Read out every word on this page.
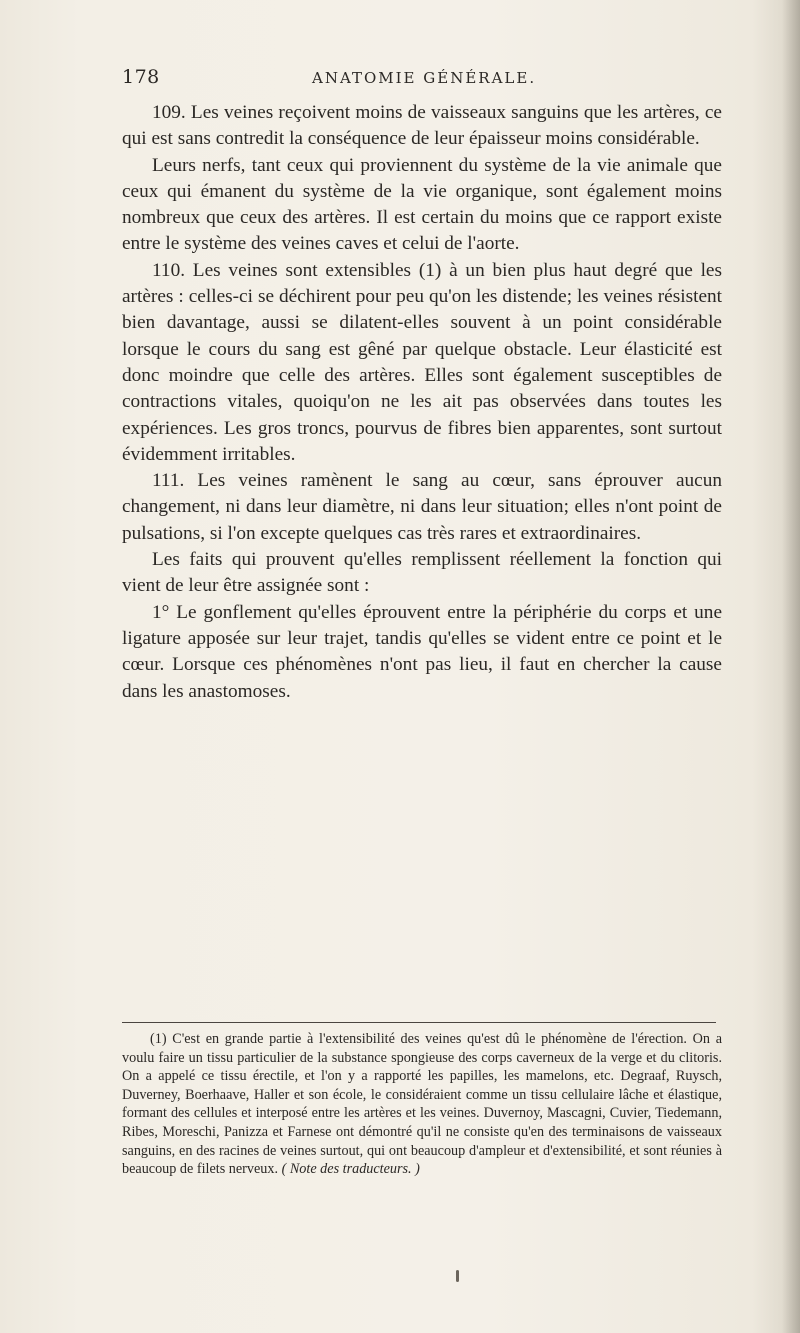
178	ANATOMIE GÉNÉRALE.

109. Les veines reçoivent moins de vaisseaux sanguins que les artères, ce qui est sans contredit la conséquence de leur épaisseur moins considérable.

Leurs nerfs, tant ceux qui proviennent du système de la vie animale que ceux qui émanent du système de la vie organique, sont également moins nombreux que ceux des artères. Il est certain du moins que ce rapport existe entre le système des veines caves et celui de l'aorte.

110. Les veines sont extensibles (1) à un bien plus haut degré que les artères : celles-ci se déchirent pour peu qu'on les distende; les veines résistent bien davantage, aussi se dilatent-elles souvent à un point considérable lorsque le cours du sang est gêné par quelque obstacle. Leur élasticité est donc moindre que celle des artères. Elles sont également susceptibles de contractions vitales, quoiqu'on ne les ait pas observées dans toutes les expériences. Les gros troncs, pourvus de fibres bien apparentes, sont surtout évidemment irritables.

111. Les veines ramènent le sang au cœur, sans éprouver aucun changement, ni dans leur diamètre, ni dans leur situation; elles n'ont point de pulsations, si l'on excepte quelques cas très rares et extraordinaires.

Les faits qui prouvent qu'elles remplissent réellement la fonction qui vient de leur être assignée sont :

1° Le gonflement qu'elles éprouvent entre la périphérie du corps et une ligature apposée sur leur trajet, tandis qu'elles se vident entre ce point et le cœur. Lorsque ces phénomènes n'ont pas lieu, il faut en chercher la cause dans les anastomoses.

(1) C'est en grande partie à l'extensibilité des veines qu'est dû le phénomène de l'érection. On a voulu faire un tissu particulier de la substance spongieuse des corps caverneux de la verge et du clitoris. On a appelé ce tissu érectile, et l'on y a rapporté les papilles, les mamelons, etc. Degraaf, Ruysch, Duverney, Boerhaave, Haller et son école, le considéraient comme un tissu cellulaire lâche et élastique, formant des cellules et interposé entre les artères et les veines. Duvernoy, Mascagni, Cuvier, Tiedemann, Ribes, Moreschi, Panizza et Farnese ont démontré qu'il ne consiste qu'en des terminaisons de vaisseaux sanguins, en des racines de veines surtout, qui ont beaucoup d'ampleur et d'extensibilité, et sont réunies à beaucoup de filets nerveux. ( Note des traducteurs. )
